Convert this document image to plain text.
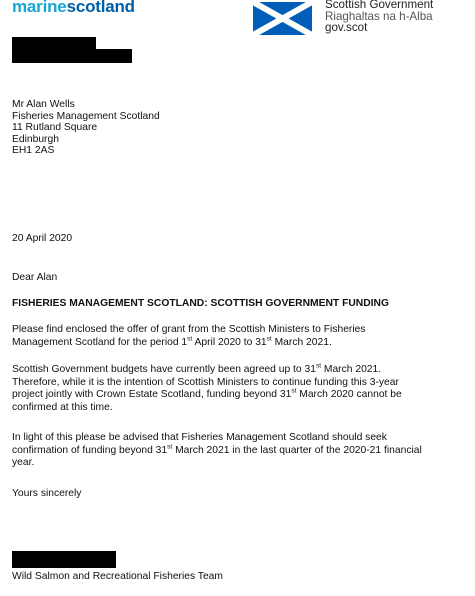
marinescotland	Scottish Government
Riaghaltas na h-Alba
gov.scot
Mr Alan Wells
Fisheries Management Scotland
11 Rutland Square
Edinburgh
EH1 2AS
20 April 2020
Dear Alan
FISHERIES MANAGEMENT SCOTLAND: SCOTTISH GOVERNMENT FUNDING
Please find enclosed the offer of grant from the Scottish Ministers to Fisheries
Management Scotland for the period 1st April 2020 to 31st March 2021.
Scottish Government budgets have currently been agreed up to 31st March 2021.
Therefore, while it is the intention of Scottish Ministers to continue funding this 3-year
project jointly with Crown Estate Scotland, funding beyond 31st March 2020 cannot be
confirmed at this time.
In light of this please be advised that Fisheries Management Scotland should seek
confirmation of funding beyond 31st March 2021 in the last quarter of the 2020-21 financial
year.
Yours sincerely
Wild Salmon and Recreational Fisheries Team
